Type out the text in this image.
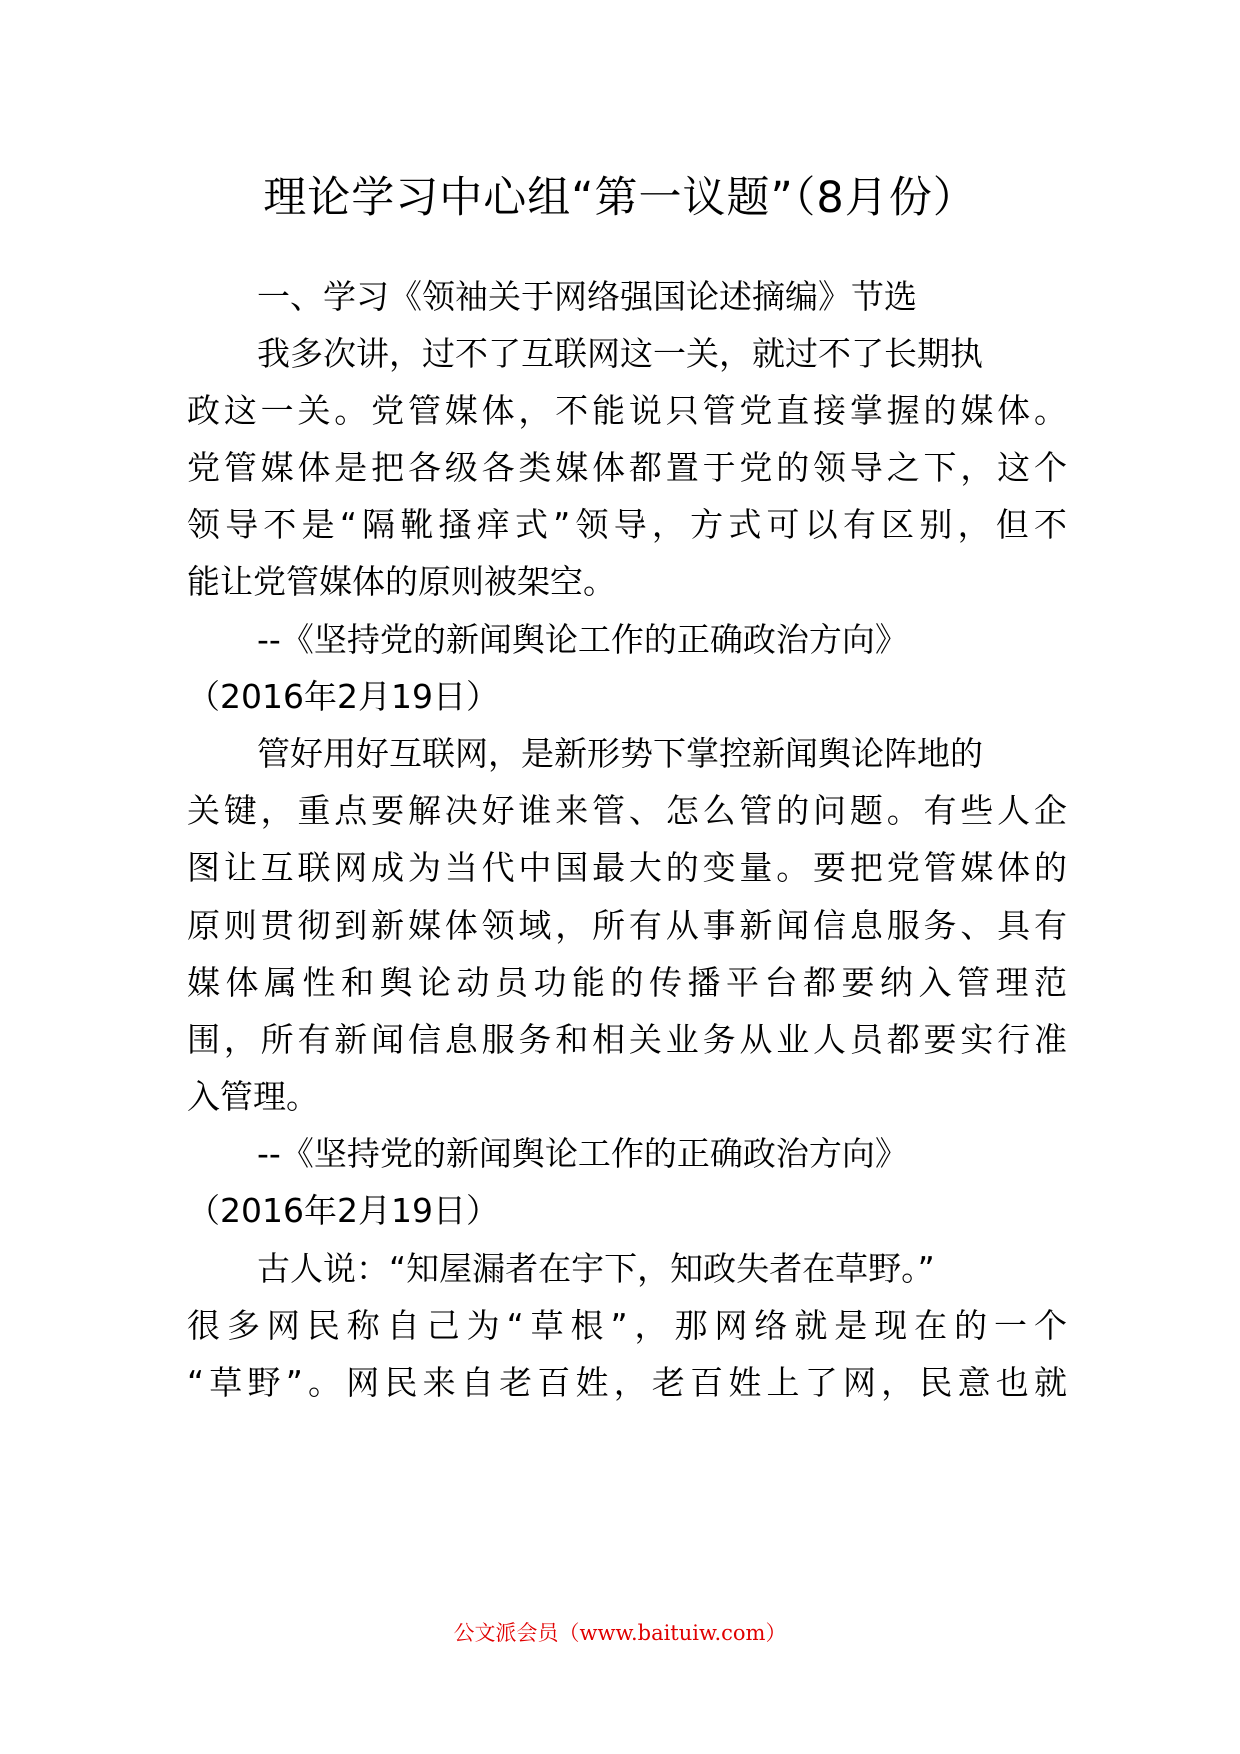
理论学习中心组“第一议题”（8月份）
一、学习《领袖关于网络强国论述摘编》节选
我多次讲，过不了互联网这一关，就过不了长期执
政这一关。党管媒体，不能说只管党直接掌握的媒体。
党管媒体是把各级各类媒体都置于党的领导之下，这个
领导不是“隔靴搔痒式”领导，方式可以有区别，但不
能让党管媒体的原则被架空。
--《坚持党的新闻舆论工作的正确政治方向》
（2016年2月19日）
管好用好互联网，是新形势下掌控新闻舆论阵地的
关键，重点要解决好谁来管、怎么管的问题。有些人企
图让互联网成为当代中国最大的变量。要把党管媒体的
原则贯彻到新媒体领域，所有从事新闻信息服务、具有
媒体属性和舆论动员功能的传播平台都要纳入管理范
围，所有新闻信息服务和相关业务从业人员都要实行准
入管理。
--《坚持党的新闻舆论工作的正确政治方向》
（2016年2月19日）
古人说：“知屋漏者在宇下，知政失者在草野。”
很多网民称自己为“草根”，那网络就是现在的一个
“草野”。网民来自老百姓，老百姓上了网，民意也就
公文派会员（www.baituiw.com）
